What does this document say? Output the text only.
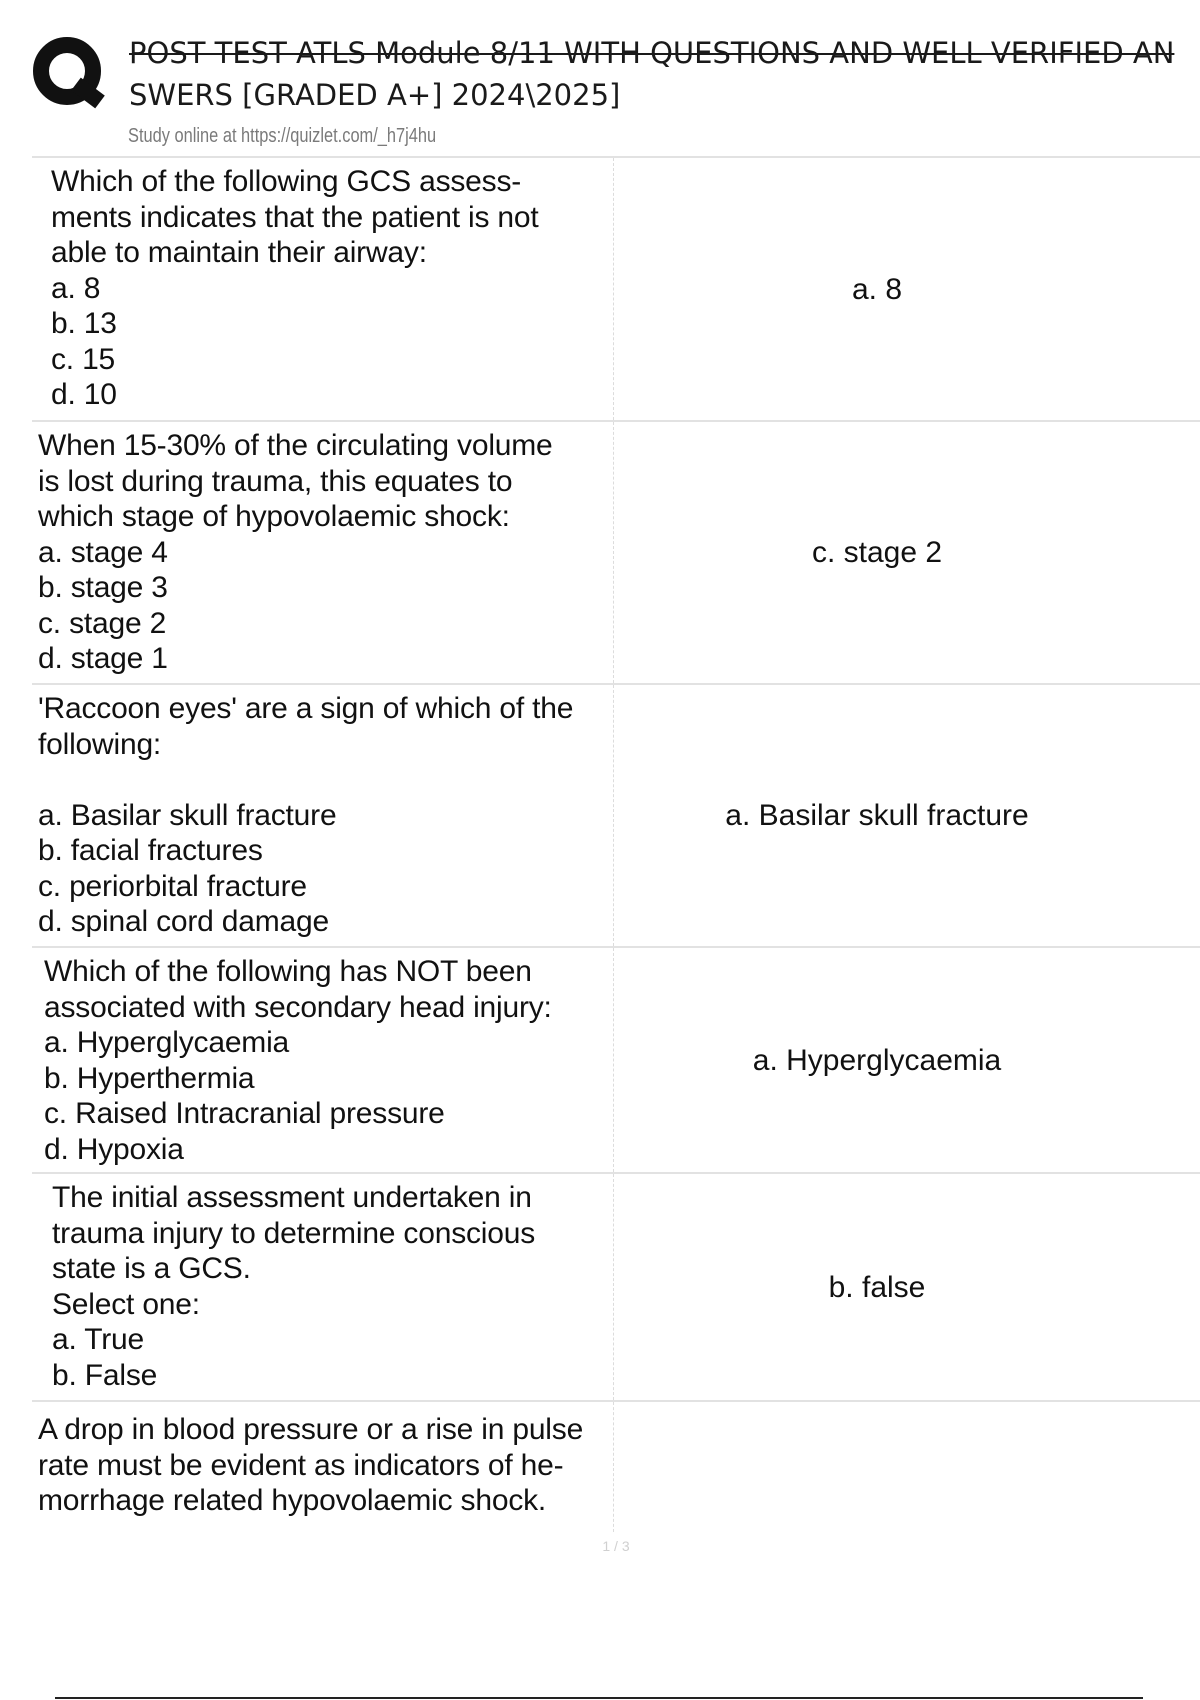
POST TEST ATLS Module 8/11 WITH QUESTIONS AND WELL VERIFIED AN
SWERS [GRADED A+] 2024\2025]
Study online at https://quizlet.com/_h7j4hu
Which of the following GCS assess-
ments indicates that the patient is not
able to maintain their airway:
a. 8
b. 13
c. 15
d. 10
a. 8
When 15-30% of the circulating volume
is lost during trauma, this equates to
which stage of hypovolaemic shock:
a. stage 4
b. stage 3
c. stage 2
d. stage 1
c. stage 2
'Raccoon eyes' are a sign of which of the
following:

a. Basilar skull fracture
b. facial fractures
c. periorbital fracture
d. spinal cord damage
a. Basilar skull fracture
Which of the following has NOT been
associated with secondary head injury:
a. Hyperglycaemia
b. Hyperthermia
c. Raised Intracranial pressure
d. Hypoxia
a. Hyperglycaemia
The initial assessment undertaken in
trauma injury to determine conscious
state is a GCS.
Select one:
a. True
b. False
b. false
A drop in blood pressure or a rise in pulse
rate must be evident as indicators of he-
morrhage related hypovolaemic shock.
1 / 3
